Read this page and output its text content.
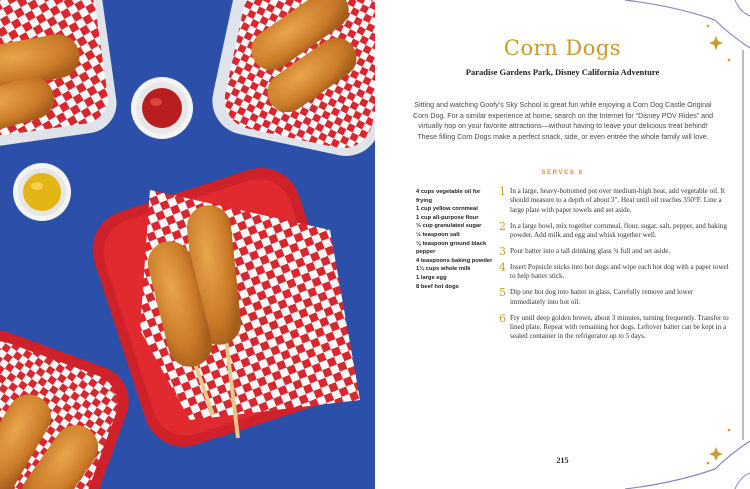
Corn Dogs
Paradise Gardens Park, Disney California Adventure

Sitting and watching Goofy’s Sky School is great fun while enjoying a Corn Dog Castle Original Corn Dog. For a similar experience at home, search on the Internet for “Disney POV Rides” and virtually hop on your favorite attractions—without having to leave your delicious treat behind! These filling Corn Dogs make a perfect snack, side, or even entrée the whole family will love.

SERVES 8
4 cups vegetable oil for frying
1 cup yellow cornmeal
1 cup all-purpose flour
⅓ cup granulated sugar
½ teaspoon salt
⅛ teaspoon ground black pepper
4 teaspoons baking powder
1¼ cups whole milk
1 large egg
8 beef hot dogs
1 In a large, heavy-bottomed pot over medium-high heat, add vegetable oil. It should measure to a depth of about 3". Heat until oil reaches 350°F. Line a large plate with paper towels and set aside.
2 In a large bowl, mix together cornmeal, flour, sugar, salt, pepper, and baking powder. Add milk and egg and whisk together well.
3 Pour batter into a tall drinking glass ¾ full and set aside.
4 Insert Popsicle sticks into hot dogs and wipe each hot dog with a paper towel to help batter stick.
5 Dip one hot dog into batter in glass. Carefully remove and lower immediately into hot oil.
6 Fry until deep golden brown, about 3 minutes, turning frequently. Transfer to lined plate. Repeat with remaining hot dogs. Leftover batter can be kept in a sealed container in the refrigerator up to 5 days.
215
